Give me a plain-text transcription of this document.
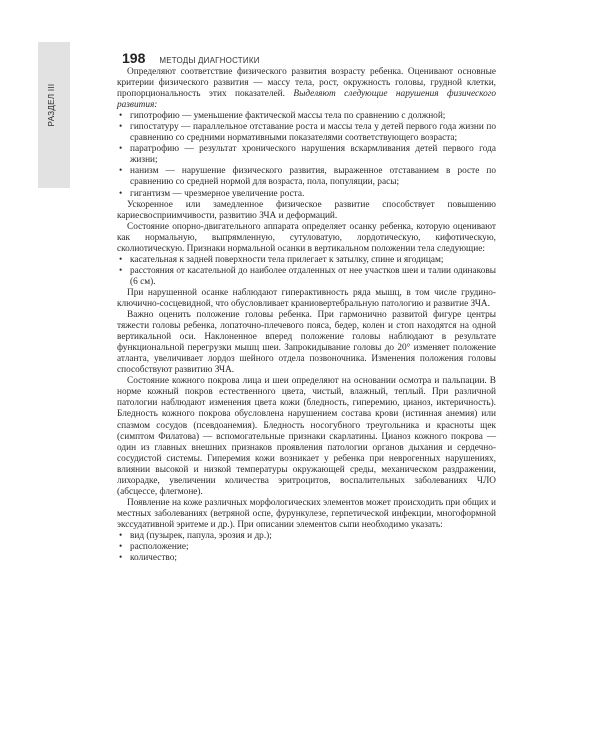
РАЗДЕЛ III
198 МЕТОДЫ ДИАГНОСТИКИ

Определяют соответствие физического развития возрасту ребенка. Оценивают основные критерии физического развития — массу тела, рост, окружность головы, грудной клетки, пропорциональность этих показателей. Выделяют следующие нарушения физического развития:

• гипотрофию — уменьшение фактической массы тела по сравнению с должной;
• гипостатуру — параллельное отставание роста и массы тела у детей первого года жизни по сравнению со средними нормативными показателями соответствующего возраста;
• паратрофию — результат хронического нарушения вскармливания детей первого года жизни;
• нанизм — нарушение физического развития, выраженное отставанием в росте по сравнению со средней нормой для возраста, пола, популяции, расы;
• гигантизм — чрезмерное увеличение роста.

Ускоренное или замедленное физическое развитие способствует повышению кариесвосприимчивости, развитию ЗЧА и деформаций.

Состояние опорно-двигательного аппарата определяет осанку ребенка, которую оценивают как нормальную, выпрямленную, сутуловатую, лордотическую, кифотическую, сколиотическую. Признаки нормальной осанки в вертикальном положении тела следующие:

• касательная к задней поверхности тела прилегает к затылку, спине и ягодицам;
• расстояния от касательной до наиболее отдаленных от нее участков шеи и талии одинаковы (6 см).

При нарушенной осанке наблюдают гиперактивность ряда мышц, в том числе грудино-ключично-сосцевидной, что обусловливает краниовертебральную патологию и развитие ЗЧА.

Важно оценить положение головы ребенка. При гармонично развитой фигуре центры тяжести головы ребенка, лопаточно-плечевого пояса, бедер, колен и стоп находятся на одной вертикальной оси. Наклоненное вперед положение головы наблюдают в результате функциональной перегрузки мышц шеи. Запрокидывание головы до 20° изменяет положение атланта, увеличивает лордоз шейного отдела позвоночника. Изменения положения головы способствуют развитию ЗЧА.

Состояние кожного покрова лица и шеи определяют на основании осмотра и пальпации. В норме кожный покров естественного цвета, чистый, влажный, теплый. При различной патологии наблюдают изменения цвета кожи (бледность, гиперемию, цианоз, иктеричность). Бледность кожного покрова обусловлена нарушением состава крови (истинная анемия) или спазмом сосудов (псевдоанемия). Бледность носогубного треугольника и красноты щек (симптом Филатова) — вспомогательные признаки скарлатины. Цианоз кожного покрова — один из главных внешних признаков проявления патологии органов дыхания и сердечно-сосудистой системы. Гиперемия кожи возникает у ребенка при неврогенных нарушениях, влиянии высокой и низкой температуры окружающей среды, механическом раздражении, лихорадке, увеличении количества эритроцитов, воспалительных заболеваниях ЧЛО (абсцессе, флегмоне).

Появление на коже различных морфологических элементов может происходить при общих и местных заболеваниях (ветряной оспе, фурункулезе, герпетической инфекции, многоформной экссудативной эритеме и др.). При описании элементов сыпи необходимо указать:

• вид (пузырек, папула, эрозия и др.);
• расположение;
• количество;
